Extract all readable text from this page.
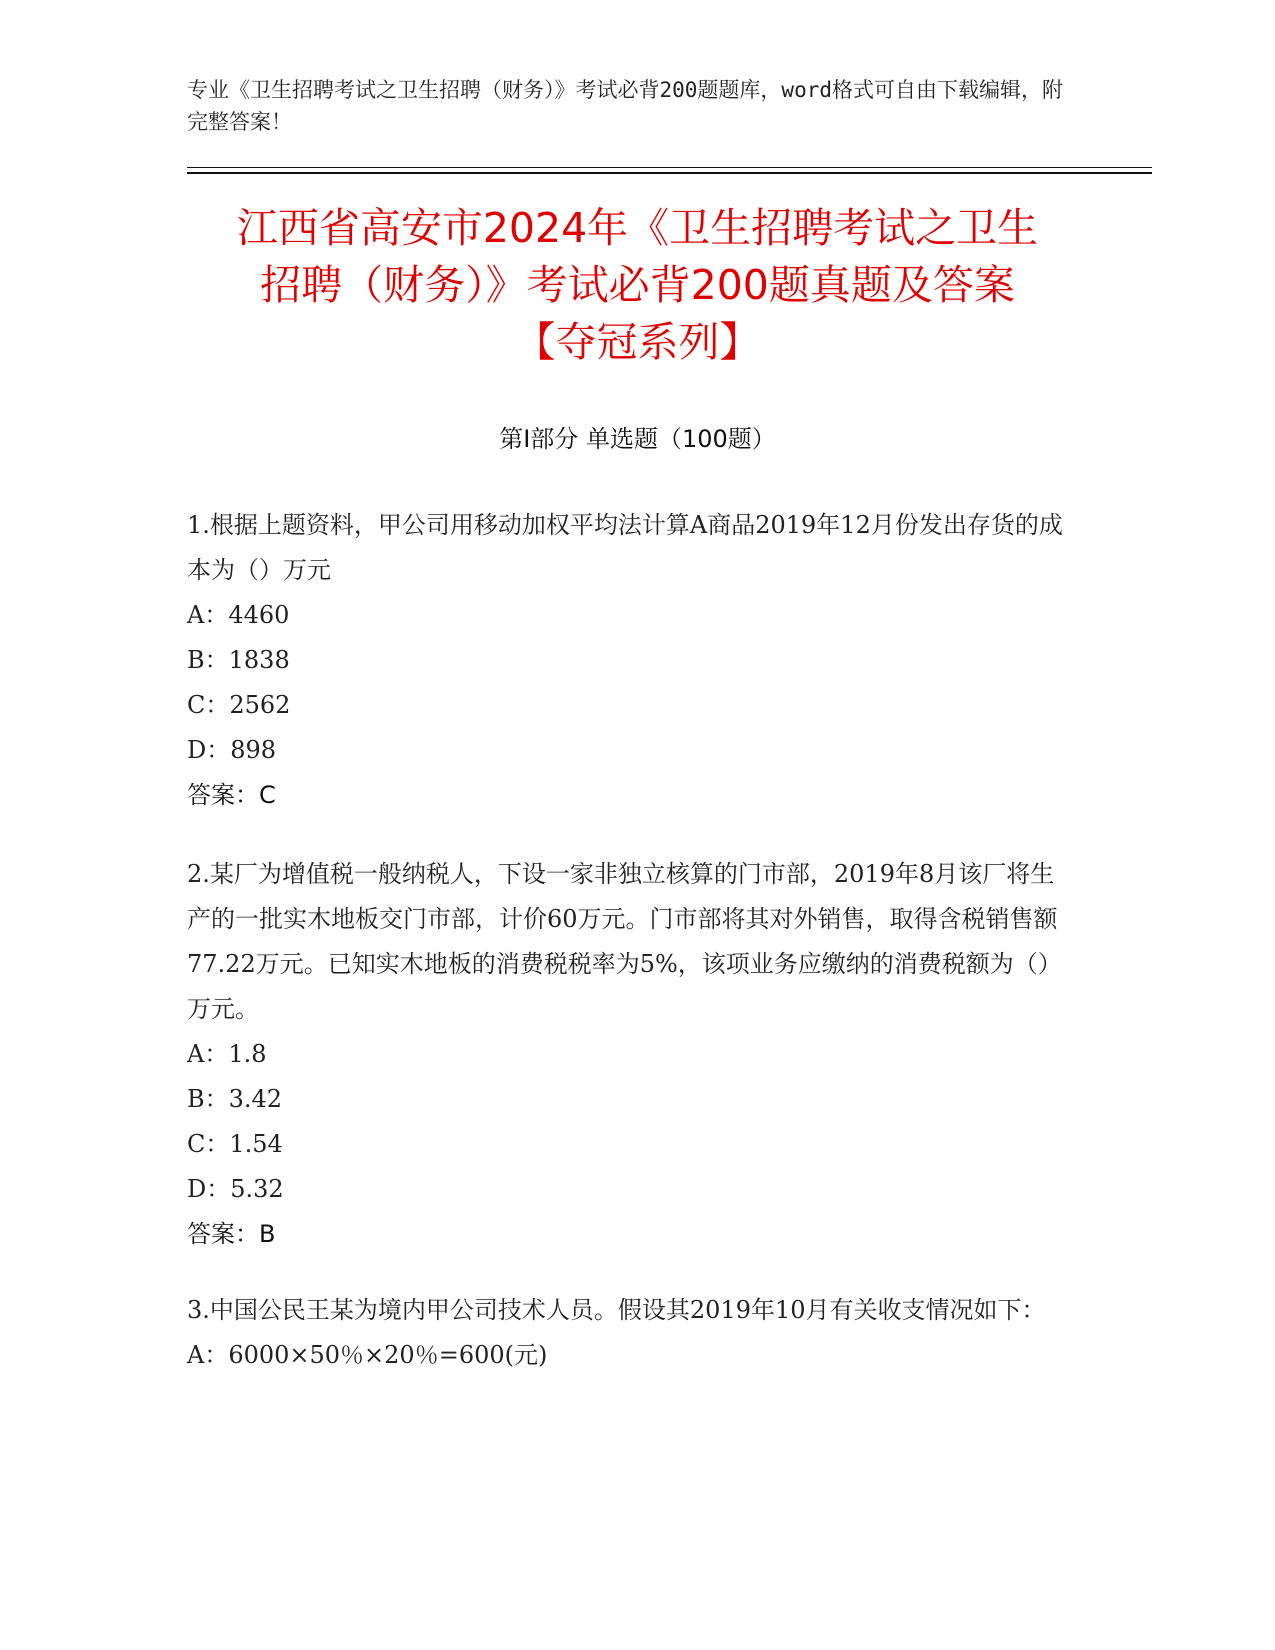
专业《卫生招聘考试之卫生招聘（财务）》考试必背200题题库，word格式可自由下载编辑，附完整答案！
江西省高安市2024年《卫生招聘考试之卫生
招聘（财务）》考试必背200题真题及答案
【夺冠系列】
第Ⅰ部分 单选题（100题）

1.根据上题资料，甲公司用移动加权平均法计算A商品2019年12月份发出存货的成本为（）万元

A：4460

B：1838

C：2562

D：898

答案：C

2.某厂为增值税一般纳税人，下设一家非独立核算的门市部，2019年8月该厂将生产的一批实木地板交门市部，计价60万元。门市部将其对外销售，取得含税销售额77.22万元。已知实木地板的消费税税率为5%，该项业务应缴纳的消费税额为（）万元。

A：1.8

B：3.42

C：1.54

D：5.32

答案：B

3.中国公民王某为境内甲公司技术人员。假设其2019年10月有关收支情况如下：

A：6000×50％×20％=600(元)
